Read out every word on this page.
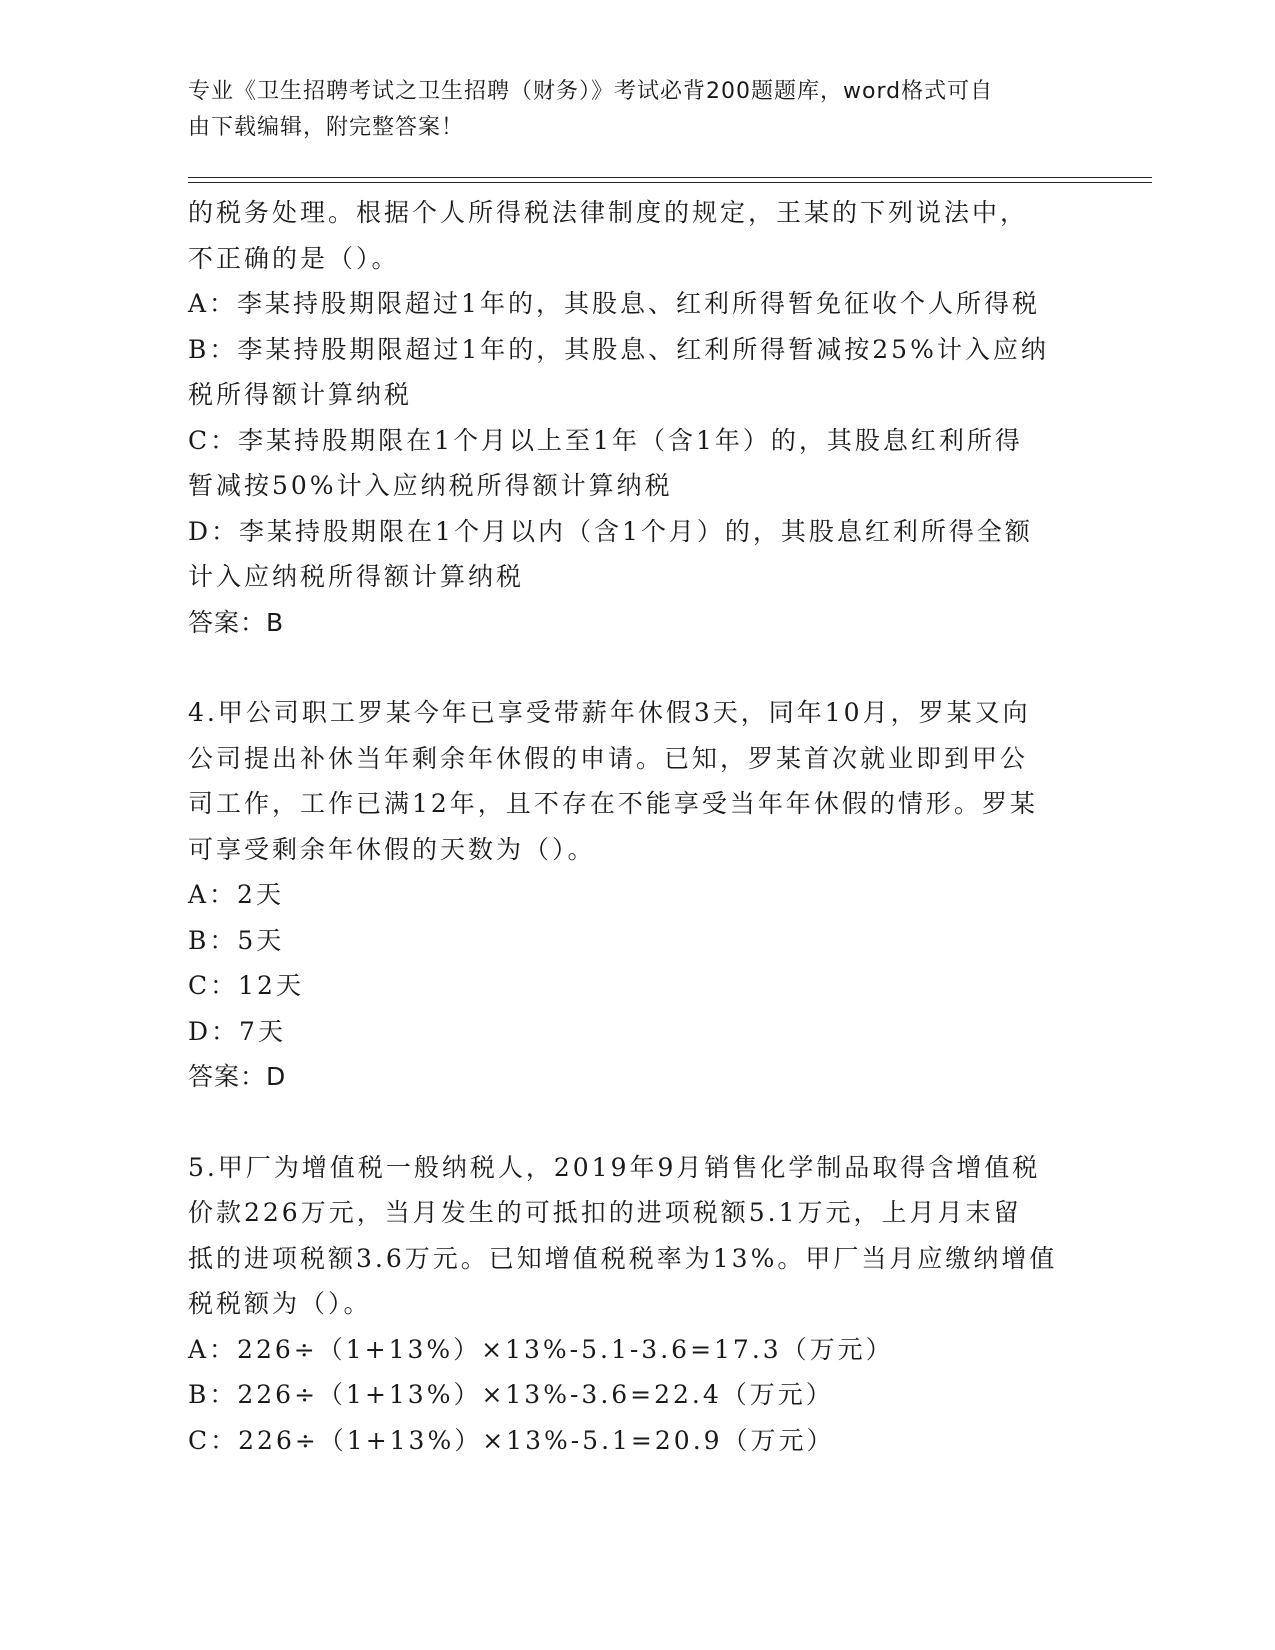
专业《卫生招聘考试之卫生招聘（财务）》考试必背200题题库，word格式可自
由下载编辑，附完整答案！
的税务处理。根据个人所得税法律制度的规定，王某的下列说法中，
不正确的是（）。
A：李某持股期限超过1年的，其股息、红利所得暂免征收个人所得税
B：李某持股期限超过1年的，其股息、红利所得暂减按25%计入应纳
税所得额计算纳税
C：李某持股期限在1个月以上至1年（含1年）的，其股息红利所得
暂减按50%计入应纳税所得额计算纳税
D：李某持股期限在1个月以内（含1个月）的，其股息红利所得全额
计入应纳税所得额计算纳税
答案：B
4.甲公司职工罗某今年已享受带薪年休假3天，同年10月，罗某又向
公司提出补休当年剩余年休假的申请。已知，罗某首次就业即到甲公
司工作，工作已满12年，且不存在不能享受当年年休假的情形。罗某
可享受剩余年休假的天数为（）。
A：2天
B：5天
C：12天
D：7天
答案：D
5.甲厂为增值税一般纳税人，2019年9月销售化学制品取得含增值税
价款226万元，当月发生的可抵扣的进项税额5.1万元，上月月末留
抵的进项税额3.6万元。已知增值税税率为13%。甲厂当月应缴纳增值
税税额为（）。
A：226÷（1+13%）×13%-5.1-3.6=17.3（万元）
B：226÷（1+13%）×13%-3.6=22.4（万元）
C：226÷（1+13%）×13%-5.1=20.9（万元）
